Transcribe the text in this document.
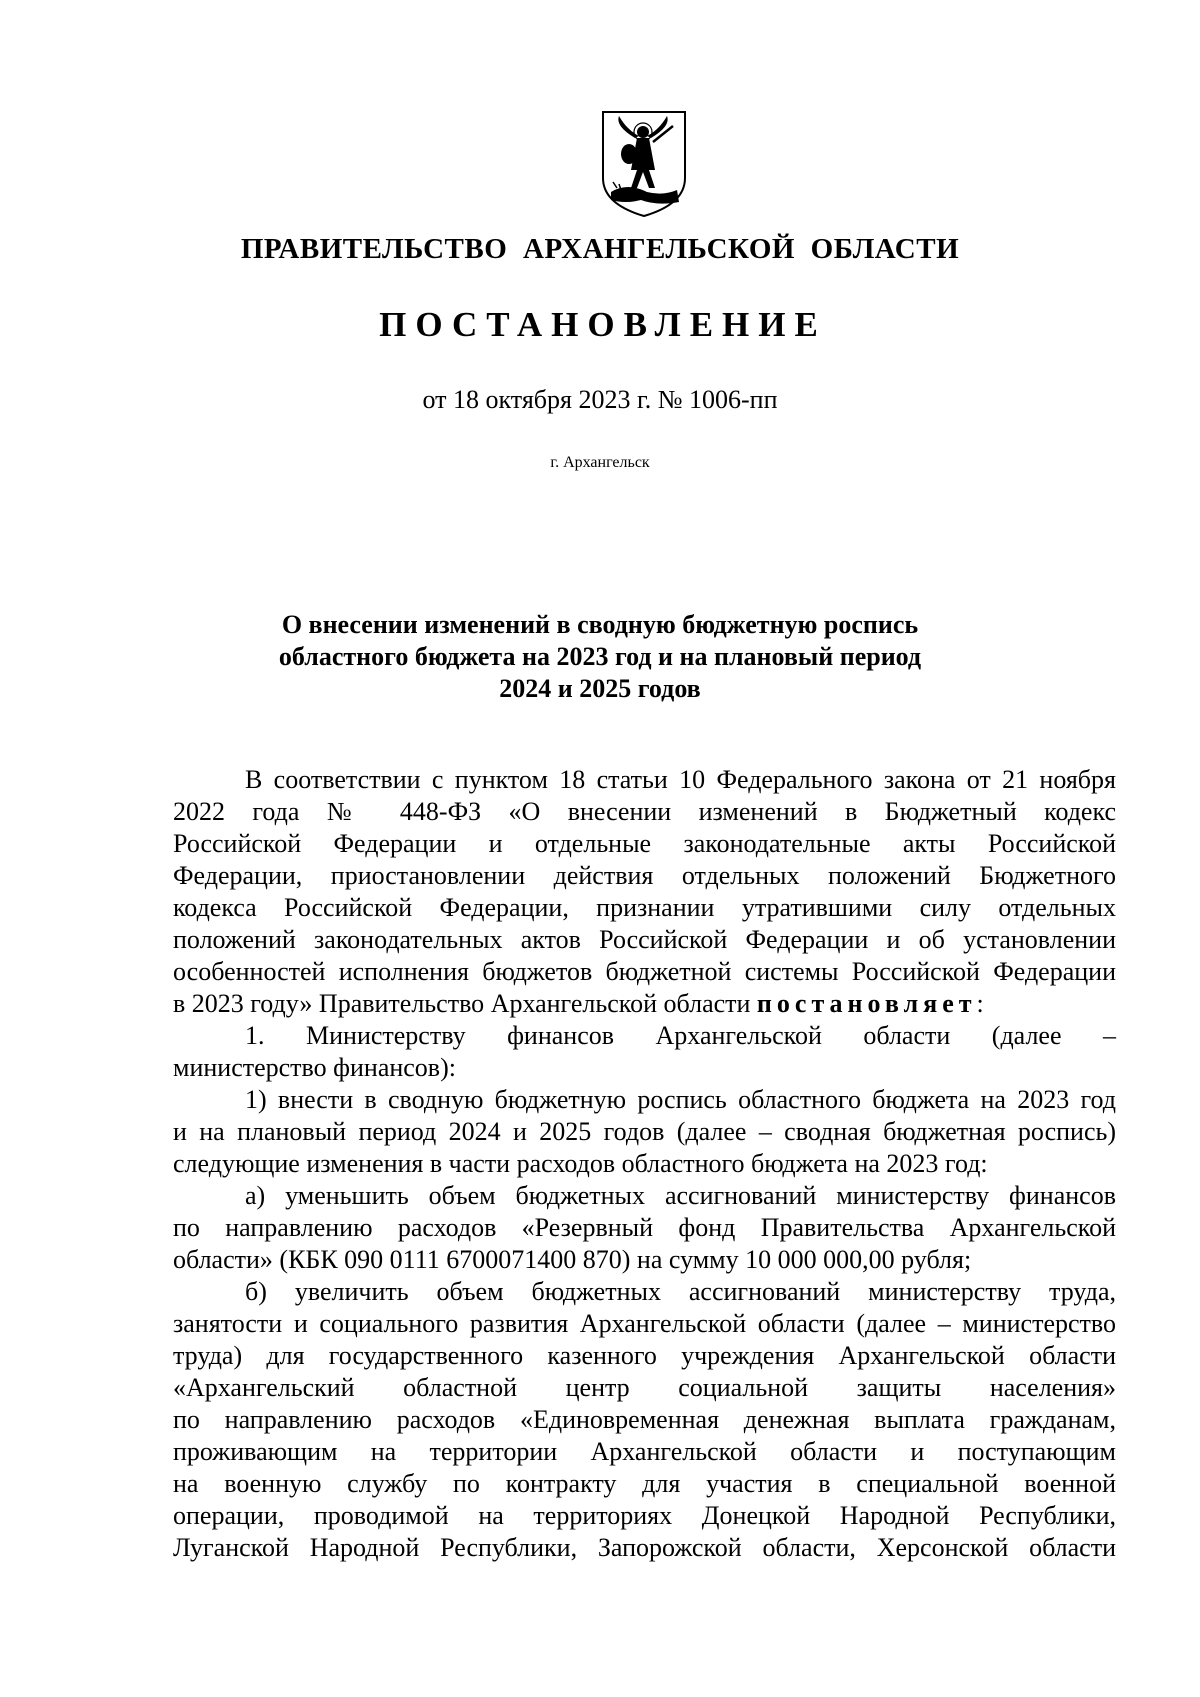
ПРАВИТЕЛЬСТВО АРХАНГЕЛЬСКОЙ ОБЛАСТИ
ПОСТАНОВЛЕНИЕ
от 18 октября 2023 г. № 1006-пп
г. Архангельск
О внесении изменений в сводную бюджетную роспись
областного бюджета на 2023 год и на плановый период
2024 и 2025 годов
В соответствии с пунктом 18 статьи 10 Федерального закона от 21 ноября
2022 года № 448-ФЗ «О внесении изменений в Бюджетный кодекс
Российской Федерации и отдельные законодательные акты Российской
Федерации, приостановлении действия отдельных положений Бюджетного
кодекса Российской Федерации, признании утратившими силу отдельных
положений законодательных актов Российской Федерации и об установлении
особенностей исполнения бюджетов бюджетной системы Российской Федерации
в 2023 году» Правительство Архангельской области постановляет:
1. Министерству финансов Архангельской области (далее –
министерство финансов):
1) внести в сводную бюджетную роспись областного бюджета на 2023 год
и на плановый период 2024 и 2025 годов (далее – сводная бюджетная роспись)
следующие изменения в части расходов областного бюджета на 2023 год:
а) уменьшить объем бюджетных ассигнований министерству финансов
по направлению расходов «Резервный фонд Правительства Архангельской
области» (КБК 090 0111 6700071400 870) на сумму 10 000 000,00 рубля;
б) увеличить объем бюджетных ассигнований министерству труда,
занятости и социального развития Архангельской области (далее – министерство
труда) для государственного казенного учреждения Архангельской области
«Архангельский областной центр социальной защиты населения»
по направлению расходов «Единовременная денежная выплата гражданам,
проживающим на территории Архангельской области и поступающим
на военную службу по контракту для участия в специальной военной
операции, проводимой на территориях Донецкой Народной Республики,
Луганской Народной Республики, Запорожской области, Херсонской области
